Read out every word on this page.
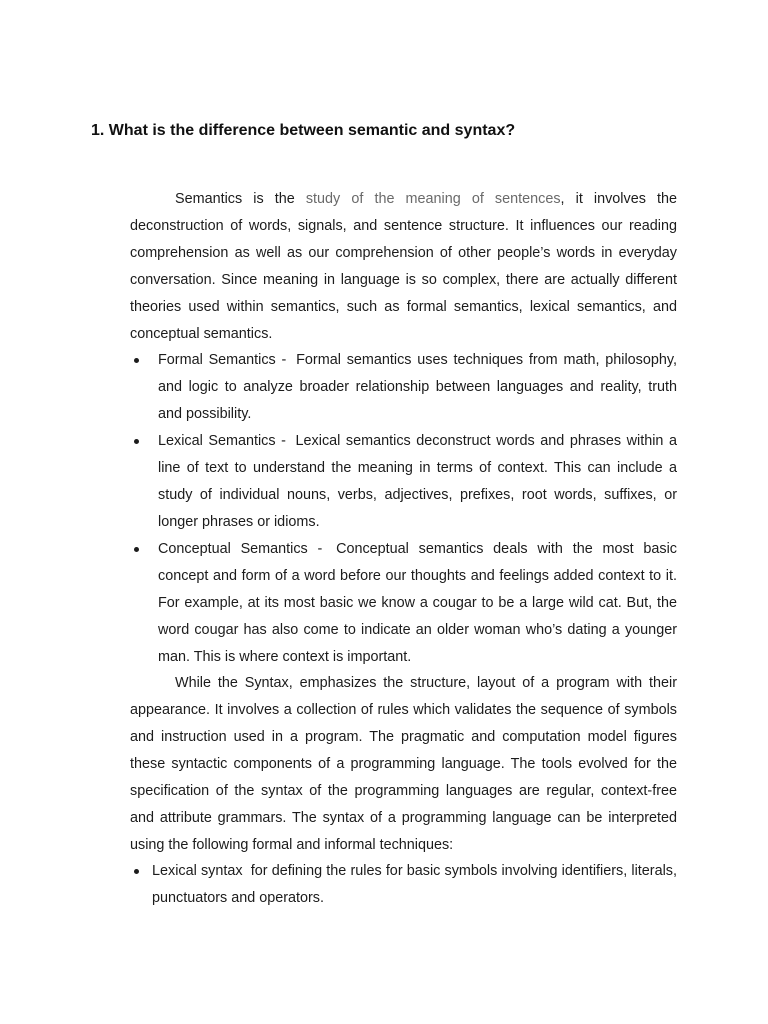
1. What is the difference between semantic and syntax?
Semantics is the study of the meaning of sentences, it involves the deconstruction of words, signals, and sentence structure. It influences our reading comprehension as well as our comprehension of other people’s words in everyday conversation. Since meaning in language is so complex, there are actually different theories used within semantics, such as formal semantics, lexical semantics, and conceptual semantics.
Formal Semantics - Formal semantics uses techniques from math, philosophy, and logic to analyze broader relationship between languages and reality, truth and possibility.
Lexical Semantics - Lexical semantics deconstruct words and phrases within a line of text to understand the meaning in terms of context. This can include a study of individual nouns, verbs, adjectives, prefixes, root words, suffixes, or longer phrases or idioms.
Conceptual Semantics - Conceptual semantics deals with the most basic concept and form of a word before our thoughts and feelings added context to it. For example, at its most basic we know a cougar to be a large wild cat. But, the word cougar has also come to indicate an older woman who’s dating a younger man. This is where context is important.
While the Syntax, emphasizes the structure, layout of a program with their appearance. It involves a collection of rules which validates the sequence of symbols and instruction used in a program. The pragmatic and computation model figures these syntactic components of a programming language. The tools evolved for the specification of the syntax of the programming languages are regular, context-free and attribute grammars. The syntax of a programming language can be interpreted using the following formal and informal techniques:
Lexical syntax for defining the rules for basic symbols involving identifiers, literals, punctuators and operators.
